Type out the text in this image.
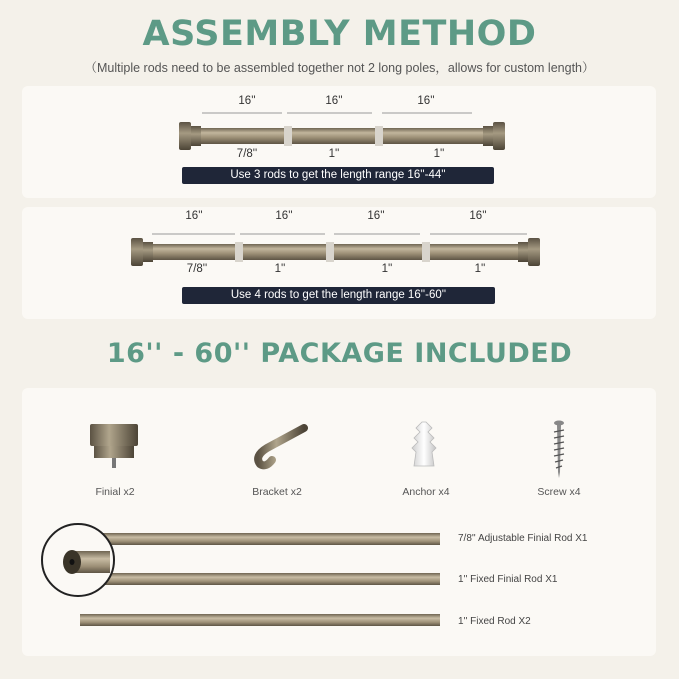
ASSEMBLY METHOD
（Multiple rods need to be assembled together not 2 long poles，allows for custom length）
16''	16''	16''
7/8''	1''	1''
Use 3 rods to get the length range 16''-44''
16''	16''	16''	16''
7/8''	1''	1''	1''
Use 4 rods to get the length range 16''-60''
16'' - 60'' PACKAGE INCLUDED
Finial x2	Bracket x2	Anchor x4	Screw x4
7/8'' Adjustable Finial Rod X1
1'' Fixed Finial Rod X1
1'' Fixed Rod X2
